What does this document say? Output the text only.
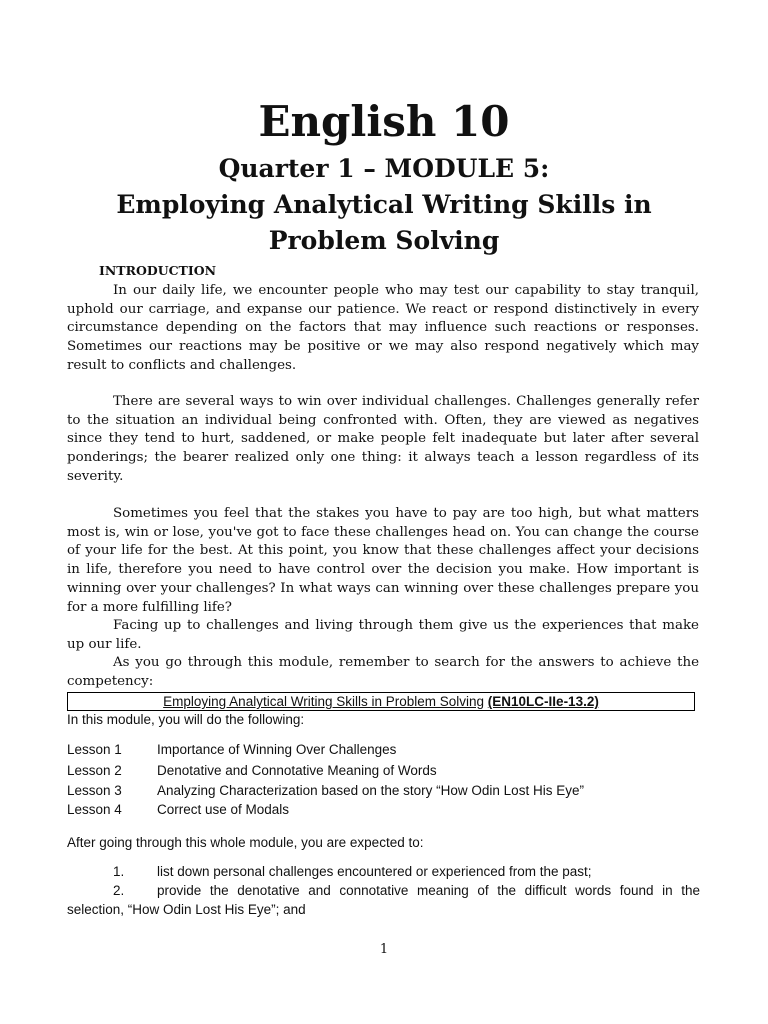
English 10
Quarter 1 – MODULE 5:
Employing Analytical Writing Skills in
Problem Solving
INTRODUCTION

In our daily life, we encounter people who may test our capability to stay tranquil, uphold our carriage, and expanse our patience. We react or respond distinctively in every circumstance depending on the factors that may influence such reactions or responses. Sometimes our reactions may be positive or we may also respond negatively which may result to conflicts and challenges.

There are several ways to win over individual challenges. Challenges generally refer to the situation an individual being confronted with. Often, they are viewed as negatives since they tend to hurt, saddened, or make people felt inadequate but later after several ponderings; the bearer realized only one thing: it always teach a lesson regardless of its severity.

Sometimes you feel that the stakes you have to pay are too high, but what matters most is, win or lose, you've got to face these challenges head on. You can change the course of your life for the best. At this point, you know that these challenges affect your decisions in life, therefore you need to have control over the decision you make. How important is winning over your challenges? In what ways can winning over these challenges prepare you for a more fulfilling life?

Facing up to challenges and living through them give us the experiences that make up our life.

As you go through this module, remember to search for the answers to achieve the competency:

Employing Analytical Writing Skills in Problem Solving (EN10LC-IIe-13.2)

In this module, you will do the following:

Lesson 1	Importance of Winning Over Challenges
Lesson 2	Denotative and Connotative Meaning of Words
Lesson 3	Analyzing Characterization based on the story “How Odin Lost His Eye”
Lesson 4	Correct use of Modals

After going through this whole module, you are expected to:

1. list down personal challenges encountered or experienced from the past;

2. provide the denotative and connotative meaning of the difficult words found in the selection, “How Odin Lost His Eye”; and

1
